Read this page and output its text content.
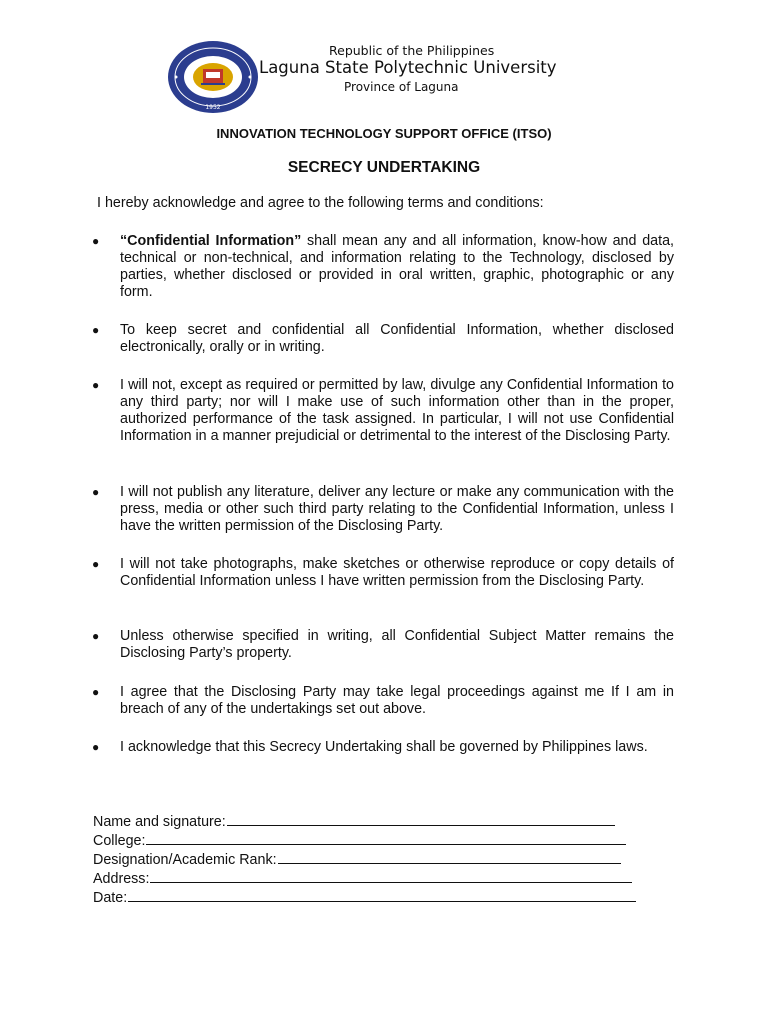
1952
Republic of the Philippines
Laguna State Polytechnic University
Province of Laguna
INNOVATION TECHNOLOGY SUPPORT OFFICE (ITSO)
SECRECY UNDERTAKING
I hereby acknowledge and agree to the following terms and conditions:
● “Confidential Information” shall mean any and all information, know-how and data, technical or non-technical, and information relating to the Technology, disclosed by parties, whether disclosed or provided in oral written, graphic, photographic or any form.
● To keep secret and confidential all Confidential Information, whether disclosed electronically, orally or in writing.
● I will not, except as required or permitted by law, divulge any Confidential Information to any third party; nor will I make use of such information other than in the proper, authorized performance of the task assigned. In particular, I will not use Confidential Information in a manner prejudicial or detrimental to the interest of the Disclosing Party.
● I will not publish any literature, deliver any lecture or make any communication with the press, media or other such third party relating to the Confidential Information, unless I have the written permission of the Disclosing Party.
● I will not take photographs, make sketches or otherwise reproduce or copy details of Confidential Information unless I have written permission from the Disclosing Party.
● Unless otherwise specified in writing, all Confidential Subject Matter remains the Disclosing Party’s property.
● I agree that the Disclosing Party may take legal proceedings against me If I am in breach of any of the undertakings set out above.
● I acknowledge that this Secrecy Undertaking shall be governed by Philippines laws.
Name and signature:
College:
Designation/Academic Rank:
Address:
Date:
